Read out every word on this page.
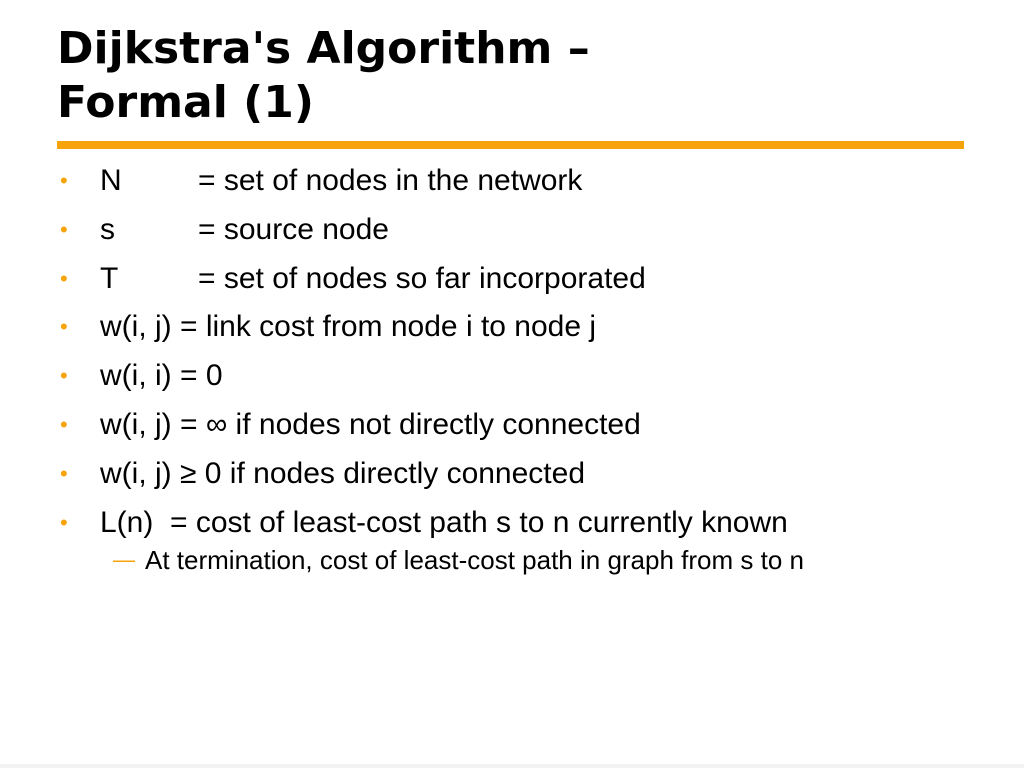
Dijkstra's Algorithm –
Formal (1)
•	N	= set of nodes in the network
•	s	= source node
•	T	= set of nodes so far incorporated
•	w(i, j) = link cost from node i to node j
•	w(i, i) = 0
•	w(i, j) = ∞ if nodes not directly connected
•	w(i, j) ≥ 0 if nodes directly connected
•	L(n)  = cost of least-cost path s to n currently known
— At termination, cost of least-cost path in graph from s to n
